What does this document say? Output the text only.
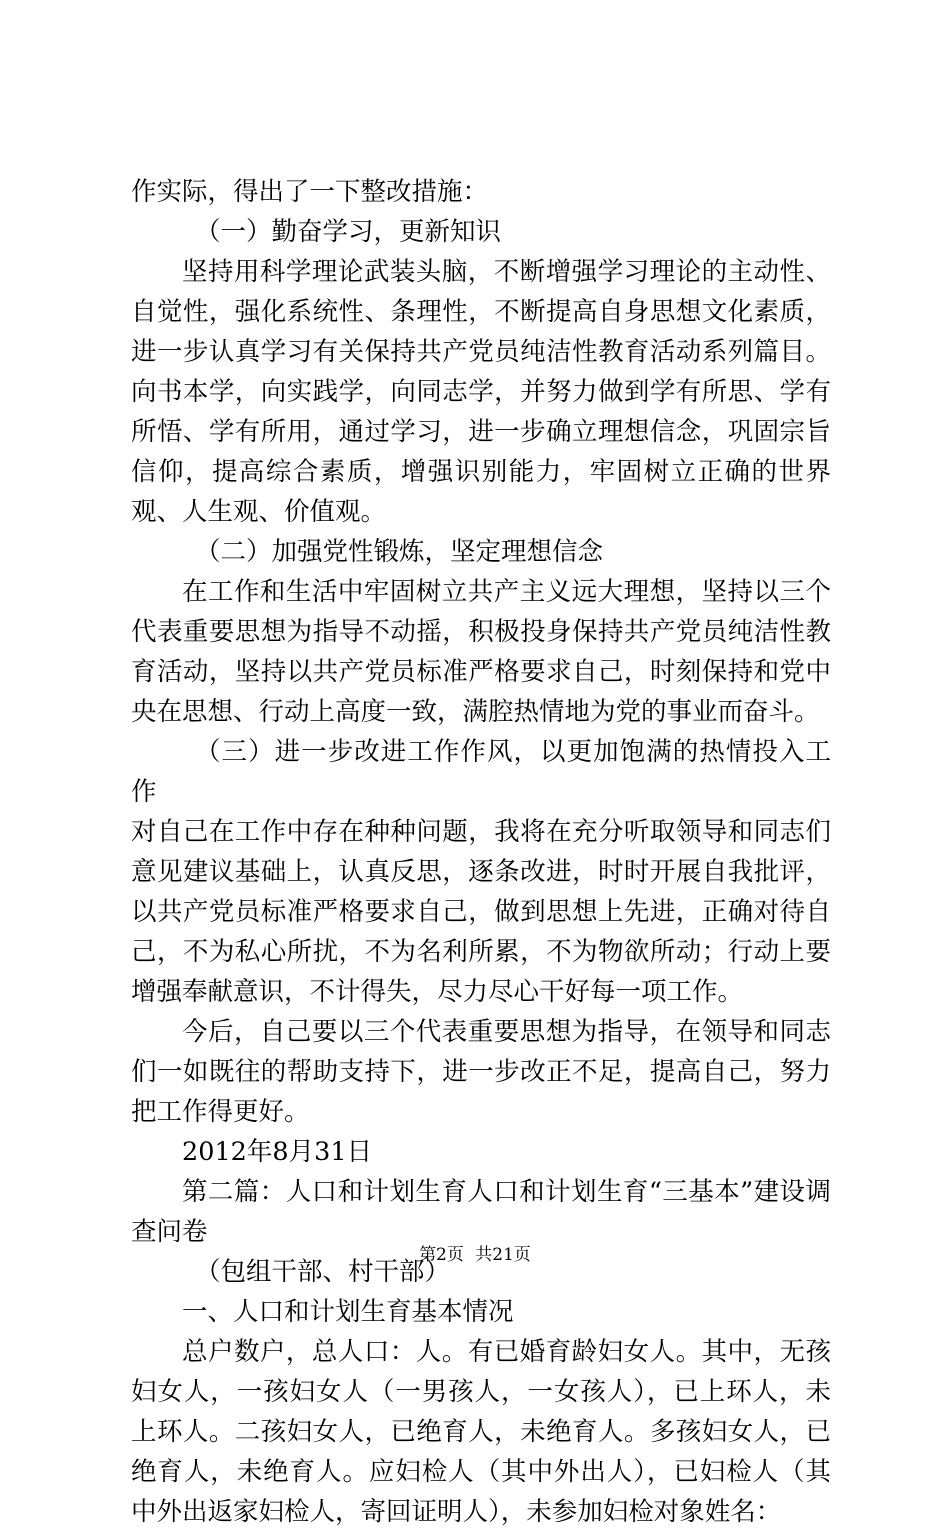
作实际，得出了一下整改措施：

（一）勤奋学习，更新知识

坚持用科学理论武装头脑，不断增强学习理论的主动性、自觉性，强化系统性、条理性，不断提高自身思想文化素质，进一步认真学习有关保持共产党员纯洁性教育活动系列篇目。向书本学，向实践学，向同志学，并努力做到学有所思、学有所悟、学有所用，通过学习，进一步确立理想信念，巩固宗旨信仰，提高综合素质，增强识别能力，牢固树立正确的世界观、人生观、价值观。

（二）加强党性锻炼，坚定理想信念

在工作和生活中牢固树立共产主义远大理想，坚持以三个代表重要思想为指导不动摇，积极投身保持共产党员纯洁性教育活动，坚持以共产党员标准严格要求自己，时刻保持和党中央在思想、行动上高度一致，满腔热情地为党的事业而奋斗。

（三）进一步改进工作作风，以更加饱满的热情投入工作

对自己在工作中存在种种问题，我将在充分听取领导和同志们意见建议基础上，认真反思，逐条改进，时时开展自我批评，以共产党员标准严格要求自己，做到思想上先进，正确对待自己，不为私心所扰，不为名利所累，不为物欲所动；行动上要增强奉献意识，不计得失，尽力尽心干好每一项工作。

今后，自己要以三个代表重要思想为指导，在领导和同志们一如既往的帮助支持下，进一步改正不足，提高自己，努力把工作得更好。

2012年8月31日

第二篇：人口和计划生育人口和计划生育“三基本”建设调查问卷

（包组干部、村干部）

一、人口和计划生育基本情况

总户数户，总人口：人。有已婚育龄妇女人。其中，无孩妇女人，一孩妇女人（一男孩人，一女孩人），已上环人，未上环人。二孩妇女人，已绝育人，未绝育人。多孩妇女人，已绝育人，未绝育人。应妇检人（其中外出人），已妇检人（其中外出返家妇检人，寄回证明人），未参加妇检对象姓名：

第2页 共21页
